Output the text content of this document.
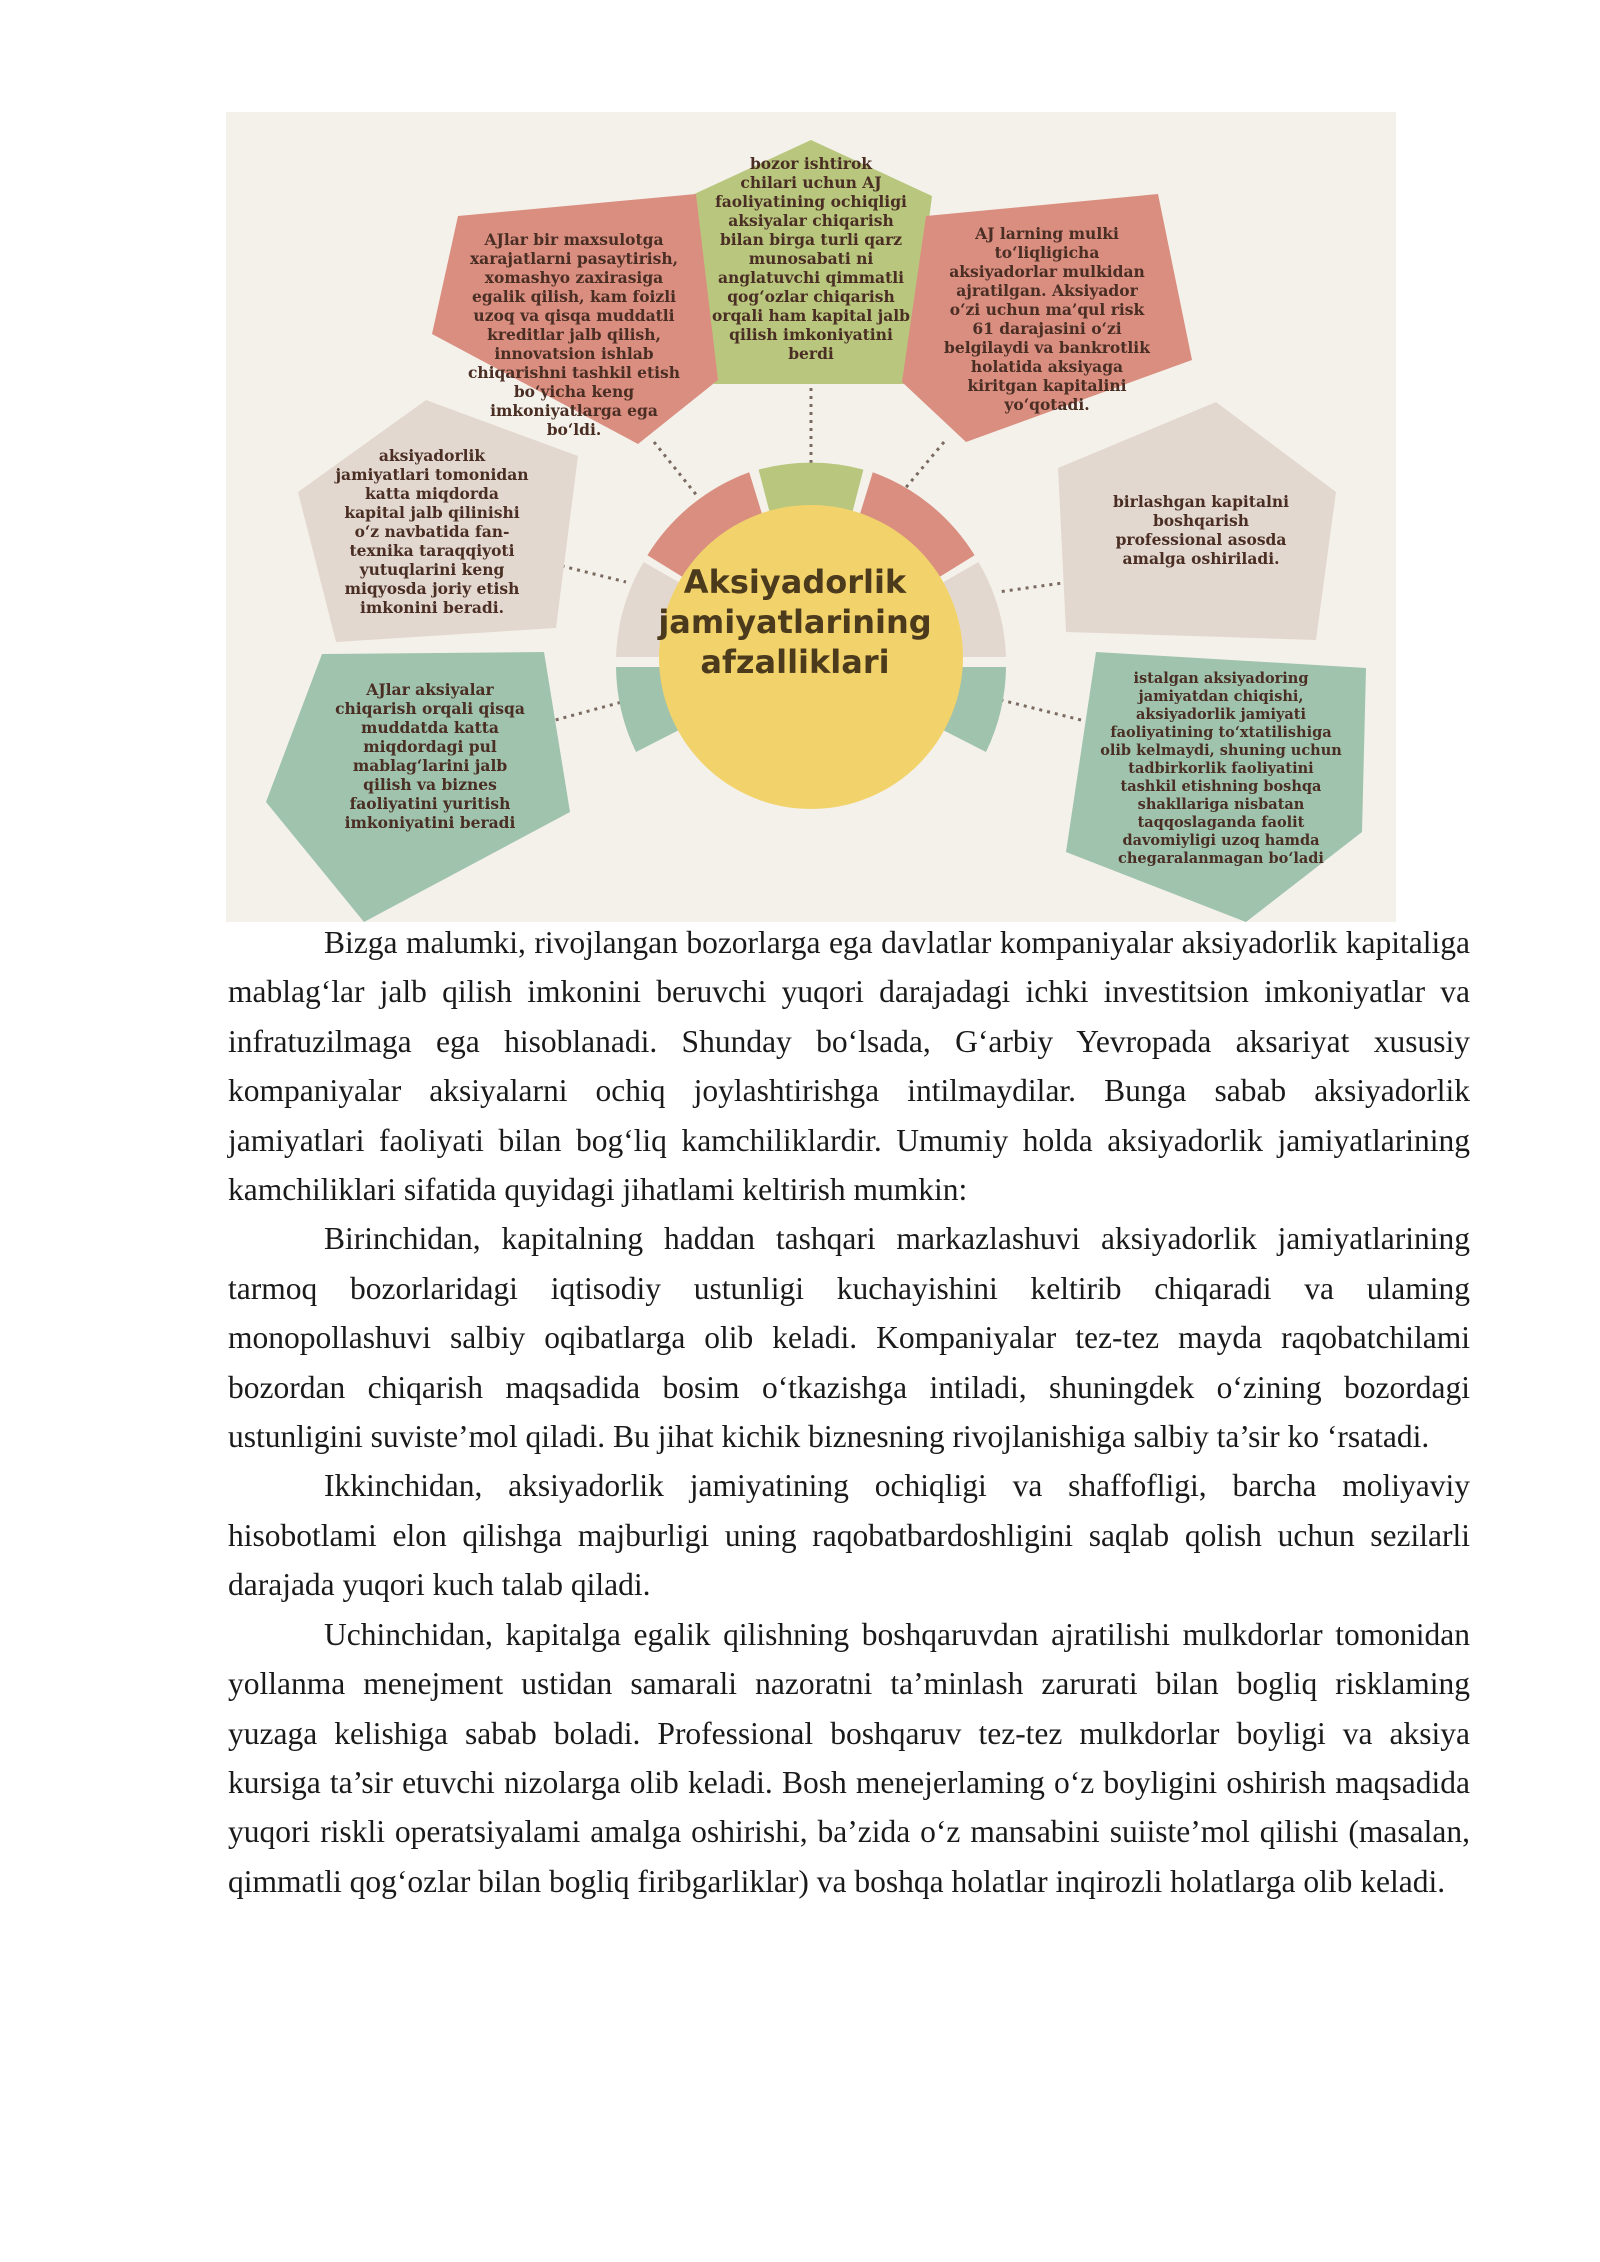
bozor ishtirok
chilari uchun AJ
faoliyatining ochiqligi
aksiyalar chiqarish
bilan birga turli qarz
munosabati ni
anglatuvchi qimmatli
qog‘ozlar chiqarish
orqali ham kapital jalb
qilish imkoniyatini
berdi

AJlar bir maxsulotga
xarajatlarni pasaytirish,
xomashyo zaxirasiga
egalik qilish, kam foizli
uzoq va qisqa muddatli
kreditlar jalb qilish,
innovatsion ishlab
chiqarishni tashkil etish
bo‘yicha keng
imkoniyatlarga ega
bo‘ldi.

AJ larning mulki
to‘liqligicha
aksiyadorlar mulkidan
ajratilgan. Aksiyador
o‘zi uchun ma’qul risk
61 darajasini o‘zi
belgilaydi va bankrotlik
holatida aksiyaga
kiritgan kapitalini
yo‘qotadi.

aksiyadorlik
jamiyatlari tomonidan
katta miqdorda
kapital jalb qilinishi
o‘z navbatida fan-
texnika taraqqiyoti
yutuqlarini keng
miqyosda joriy etish
imkonini beradi.

birlashgan kapitalni
boshqarish
professional asosda
amalga oshiriladi.

AJlar aksiyalar
chiqarish orqali qisqa
muddatda katta
miqdordagi pul
mablag‘larini jalb
qilish va biznes
faoliyatini yuritish
imkoniyatini beradi

istalgan aksiyadoring
jamiyatdan chiqishi,
aksiyadorlik jamiyati
faoliyatining to‘xtatilishiga
olib kelmaydi, shuning uchun
tadbirkorlik faoliyatini
tashkil etishning boshqa
shakllariga nisbatan
taqqoslaganda faolit
davomiyligi uzoq hamda
chegaralanmagan bo‘ladi

Aksiyadorlik
jamiyatlarining
afzalliklari

Bizga malumki, rivojlangan bozorlarga ega davlatlar kompaniyalar aksiyadorlik kapitaliga mablag‘lar jalb qilish imkonini beruvchi yuqori darajadagi ichki investitsion imkoniyatlar va infratuzilmaga ega hisoblanadi. Shunday bo‘lsada, G‘arbiy Yevropada aksariyat xususiy kompaniyalar aksiyalarni ochiq joylashtirishga intilmaydilar. Bunga sabab aksiyadorlik jamiyatlari faoliyati bilan bog‘liq kamchiliklardir. Umumiy holda aksiyadorlik jamiyatlarining kamchiliklari sifatida quyidagi jihatlami keltirish mumkin:

Birinchidan, kapitalning haddan tashqari markazlashuvi aksiyadorlik jamiyatlarining tarmoq bozorlaridagi iqtisodiy ustunligi kuchayishini keltirib chiqaradi va ulaming monopollashuvi salbiy oqibatlarga olib keladi. Kompaniyalar tez-tez mayda raqobatchilami bozordan chiqarish maqsadida bosim o‘tkazishga intiladi, shuningdek o‘zining bozordagi ustunligini suviste’mol qiladi. Bu jihat kichik biznesning rivojlanishiga salbiy ta’sir ko ‘rsatadi.

Ikkinchidan, aksiyadorlik jamiyatining ochiqligi va shaffofligi, barcha moliyaviy hisobotlami elon qilishga majburligi uning raqobatbardoshligini saqlab qolish uchun sezilarli darajada yuqori kuch talab qiladi.

Uchinchidan, kapitalga egalik qilishning boshqaruvdan ajratilishi mulkdorlar tomonidan yollanma menejment ustidan samarali nazoratni ta’minlash zarurati bilan bogliq risklaming yuzaga kelishiga sabab boladi. Professional boshqaruv tez-tez mulkdorlar boyligi va aksiya kursiga ta’sir etuvchi nizolarga olib keladi. Bosh menejerlaming o‘z boyligini oshirish maqsadida yuqori riskli operatsiyalami amalga oshirishi, ba’zida o‘z mansabini suiiste’mol qilishi (masalan, qimmatli qog‘ozlar bilan bogliq firibgarliklar) va boshqa holatlar inqirozli holatlarga olib keladi.
